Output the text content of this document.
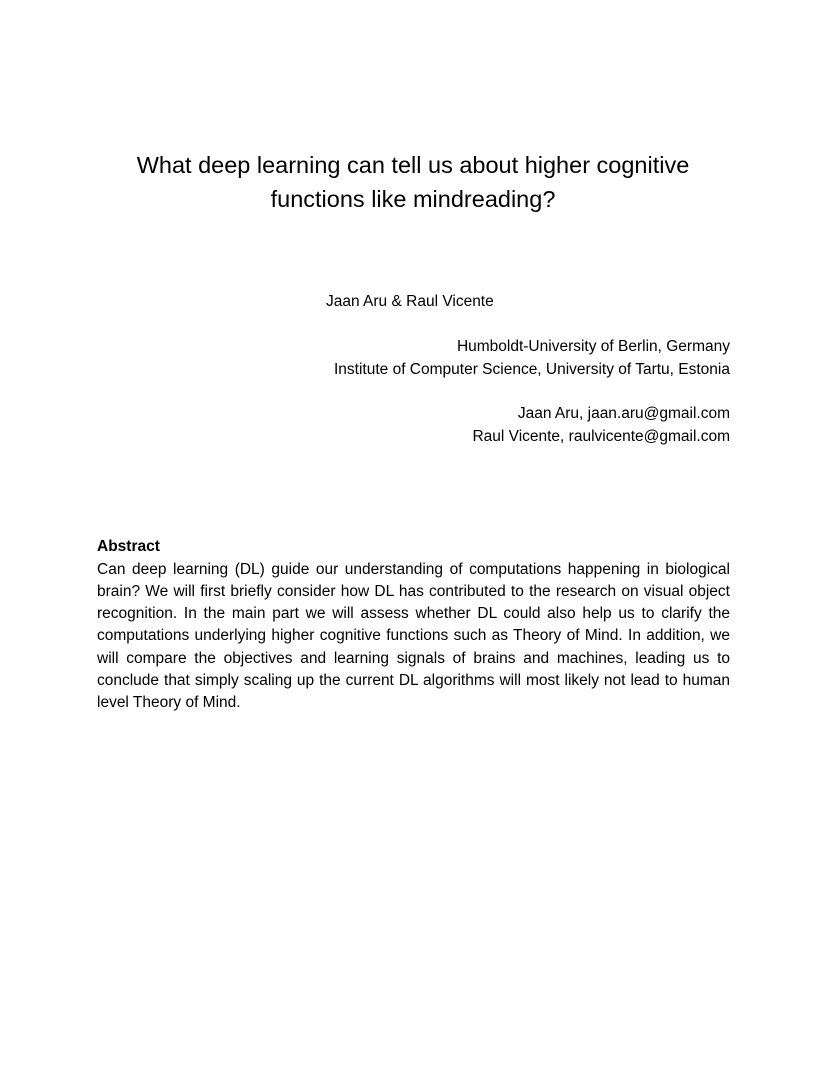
What deep learning can tell us about higher cognitive
functions like mindreading?

Jaan Aru & Raul Vicente

Humboldt-University of Berlin, Germany
Institute of Computer Science, University of Tartu, Estonia

Jaan Aru, jaan.aru@gmail.com
Raul Vicente, raulvicente@gmail.com

Abstract

Can deep learning (DL) guide our understanding of computations happening in biological brain? We will first briefly consider how DL has contributed to the research on visual object recognition. In the main part we will assess whether DL could also help us to clarify the computations underlying higher cognitive functions such as Theory of Mind. In addition, we will compare the objectives and learning signals of brains and machines, leading us to conclude that simply scaling up the current DL algorithms will most likely not lead to human level Theory of Mind.
